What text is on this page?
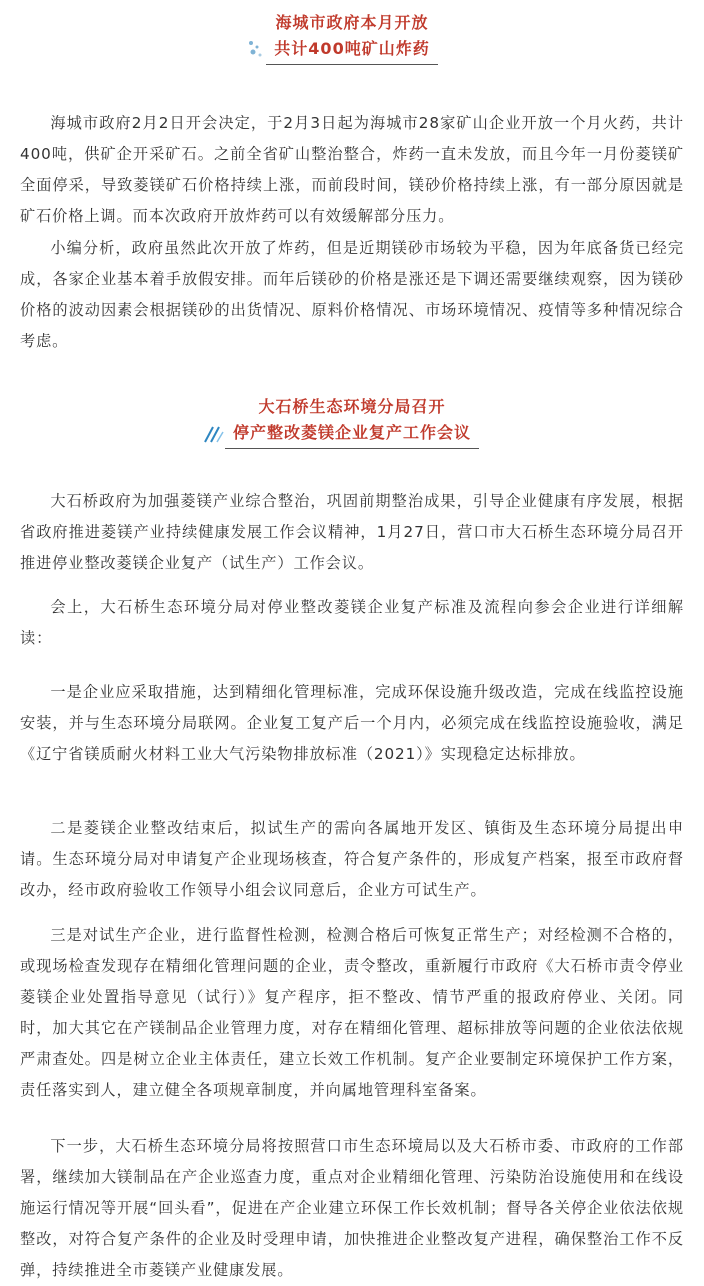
海城市政府本月开放
共计400吨矿山炸药

海城市政府2月2日开会决定，于2月3日起为海城市28家矿山企业开放一个月火药，共计400吨，供矿企开采矿石。之前全省矿山整治整合，炸药一直未发放，而且今年一月份菱镁矿全面停采，导致菱镁矿石价格持续上涨，而前段时间，镁砂价格持续上涨，有一部分原因就是矿石价格上调。而本次政府开放炸药可以有效缓解部分压力。

小编分析，政府虽然此次开放了炸药，但是近期镁砂市场较为平稳，因为年底备货已经完成，各家企业基本着手放假安排。而年后镁砂的价格是涨还是下调还需要继续观察，因为镁砂价格的波动因素会根据镁砂的出货情况、原料价格情况、市场环境情况、疫情等多种情况综合考虑。

大石桥生态环境分局召开
停产整改菱镁企业复产工作会议

大石桥政府为加强菱镁产业综合整治，巩固前期整治成果，引导企业健康有序发展，根据省政府推进菱镁产业持续健康发展工作会议精神，1月27日，营口市大石桥生态环境分局召开推进停业整改菱镁企业复产（试生产）工作会议。

会上，大石桥生态环境分局对停业整改菱镁企业复产标准及流程向参会企业进行详细解读：

一是企业应采取措施，达到精细化管理标准，完成环保设施升级改造，完成在线监控设施安装，并与生态环境分局联网。企业复工复产后一个月内，必须完成在线监控设施验收，满足《辽宁省镁质耐火材料工业大气污染物排放标准（2021）》实现稳定达标排放。

二是菱镁企业整改结束后，拟试生产的需向各属地开发区、镇街及生态环境分局提出申请。生态环境分局对申请复产企业现场核查，符合复产条件的，形成复产档案，报至市政府督改办，经市政府验收工作领导小组会议同意后，企业方可试生产。

三是对试生产企业，进行监督性检测，检测合格后可恢复正常生产；对经检测不合格的，或现场检查发现存在精细化管理问题的企业，责令整改，重新履行市政府《大石桥市责令停业菱镁企业处置指导意见（试行）》复产程序，拒不整改、情节严重的报政府停业、关闭。同时，加大其它在产镁制品企业管理力度，对存在精细化管理、超标排放等问题的企业依法依规严肃查处。四是树立企业主体责任，建立长效工作机制。复产企业要制定环境保护工作方案，责任落实到人，建立健全各项规章制度，并向属地管理科室备案。

下一步，大石桥生态环境分局将按照营口市生态环境局以及大石桥市委、市政府的工作部署，继续加大镁制品在产企业巡查力度，重点对企业精细化管理、污染防治设施使用和在线设施运行情况等开展“回头看”，促进在产企业建立环保工作长效机制；督导各关停企业依法依规整改，对符合复产条件的企业及时受理申请，加快推进企业整改复产进程，确保整治工作不反弹，持续推进全市菱镁产业健康发展。
